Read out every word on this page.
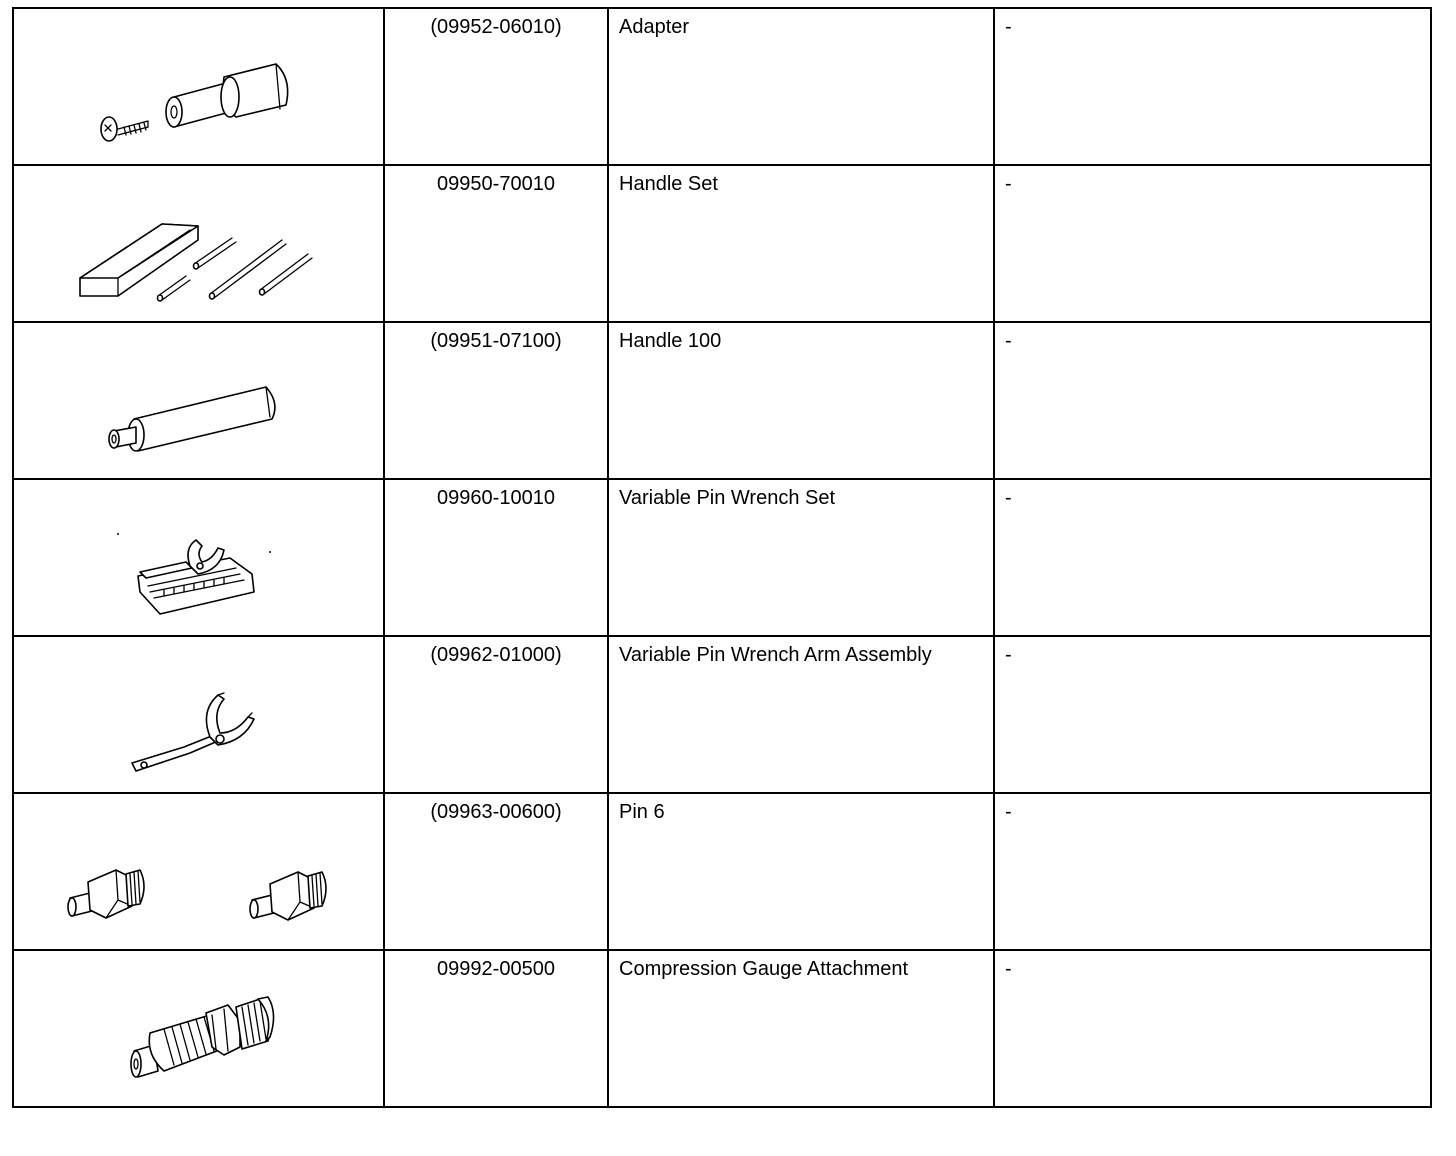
(09952-06010)	Adapter	-

09950-70010	Handle Set	-

(09951-07100)	Handle 100	-

09960-10010	Variable Pin Wrench Set	-

(09962-01000)	Variable Pin Wrench Arm Assembly	-

(09963-00600)	Pin 6	-

09992-00500	Compression Gauge Attachment	-
